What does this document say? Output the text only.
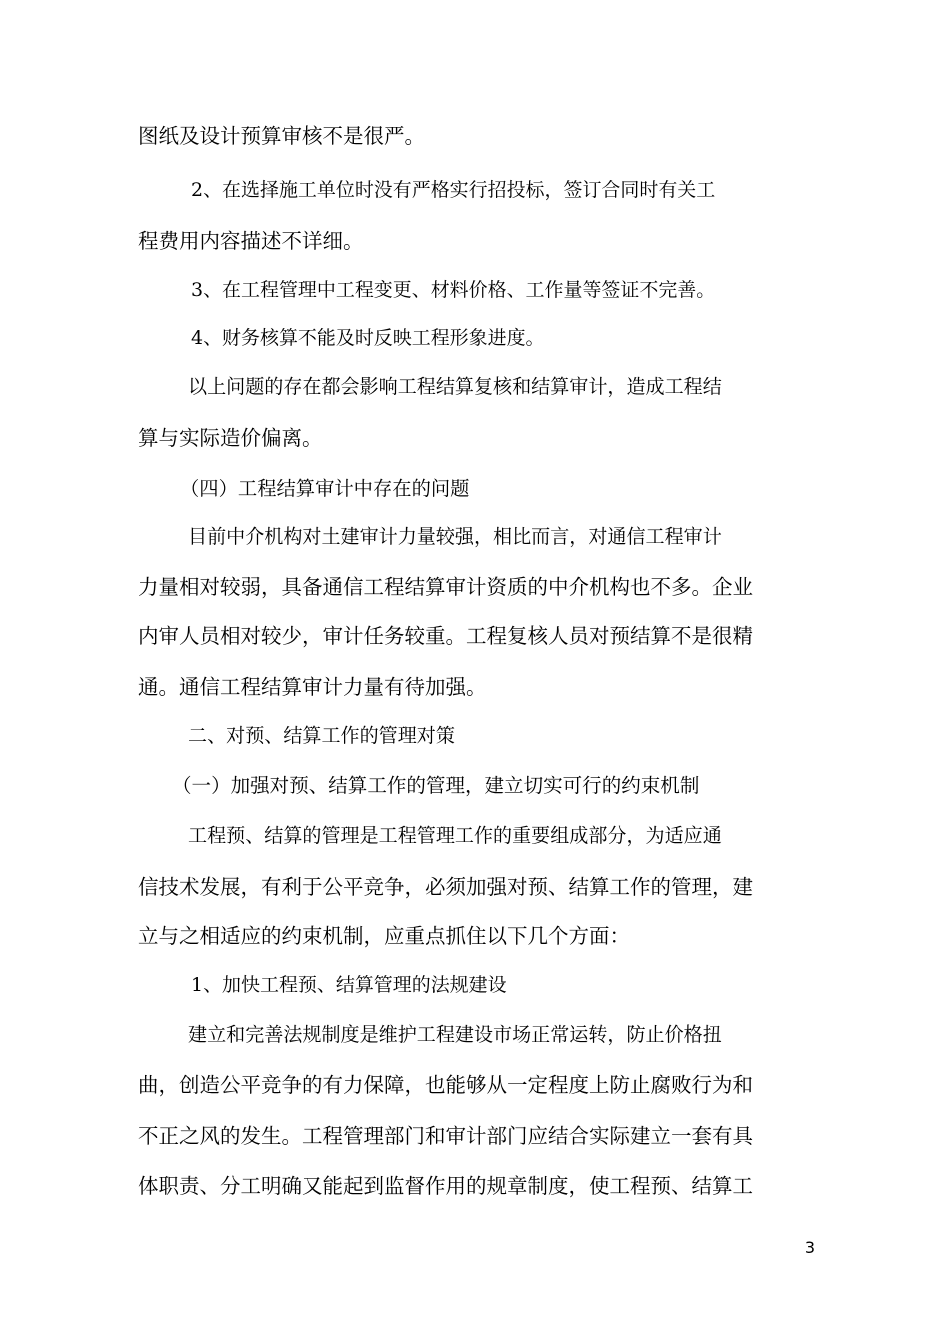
图纸及设计预算审核不是很严。
2、在选择施工单位时没有严格实行招投标，签订合同时有关工
程费用内容描述不详细。
3、在工程管理中工程变更、材料价格、工作量等签证不完善。
4、财务核算不能及时反映工程形象进度。
以上问题的存在都会影响工程结算复核和结算审计，造成工程结
算与实际造价偏离。
（四）工程结算审计中存在的问题
目前中介机构对土建审计力量较强，相比而言，对通信工程审计
力量相对较弱，具备通信工程结算审计资质的中介机构也不多。企业
内审人员相对较少，审计任务较重。工程复核人员对预结算不是很精
通。通信工程结算审计力量有待加强。
二、对预、结算工作的管理对策
（一）加强对预、结算工作的管理，建立切实可行的约束机制
工程预、结算的管理是工程管理工作的重要组成部分，为适应通
信技术发展，有利于公平竞争，必须加强对预、结算工作的管理，建
立与之相适应的约束机制，应重点抓住以下几个方面：
1、加快工程预、结算管理的法规建设
建立和完善法规制度是维护工程建设市场正常运转，防止价格扭
曲，创造公平竞争的有力保障，也能够从一定程度上防止腐败行为和
不正之风的发生。工程管理部门和审计部门应结合实际建立一套有具
体职责、分工明确又能起到监督作用的规章制度，使工程预、结算工
3
